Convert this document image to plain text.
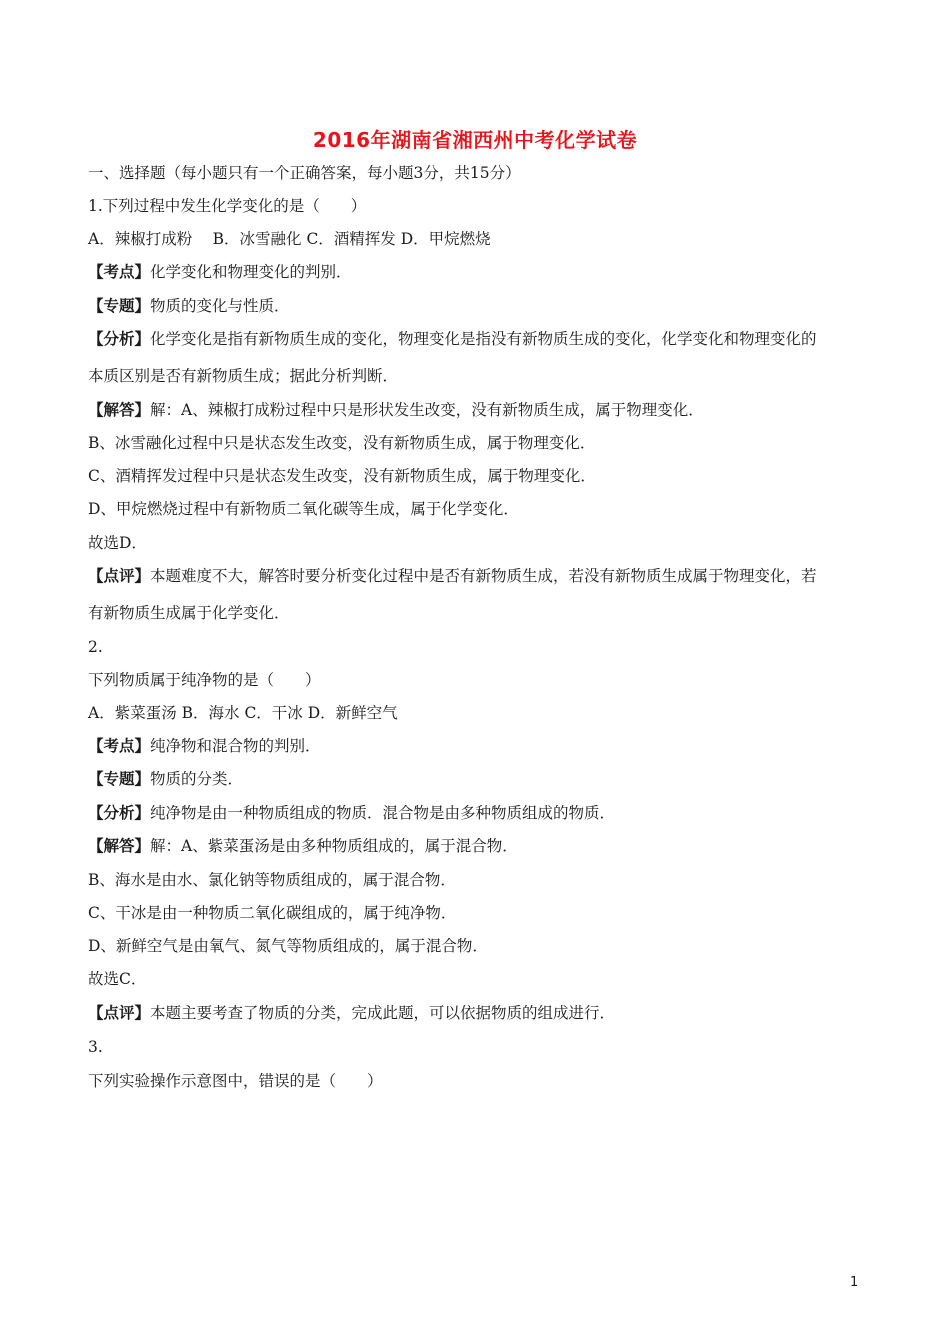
2016年湖南省湘西州中考化学试卷
一、选择题（每小题只有一个正确答案，每小题3分，共15分）
1.下列过程中发生化学变化的是（　　）
A．辣椒打成粉　 B．冰雪融化 C．酒精挥发 D．甲烷燃烧
【考点】化学变化和物理变化的判别．
【专题】物质的变化与性质．
【分析】化学变化是指有新物质生成的变化，物理变化是指没有新物质生成的变化，化学变化和物理变化的
本质区别是否有新物质生成；据此分析判断．
【解答】解：A、辣椒打成粉过程中只是形状发生改变，没有新物质生成，属于物理变化．
B、冰雪融化过程中只是状态发生改变，没有新物质生成，属于物理变化．
C、酒精挥发过程中只是状态发生改变，没有新物质生成，属于物理变化．
D、甲烷燃烧过程中有新物质二氧化碳等生成，属于化学变化．
故选D．
【点评】本题难度不大，解答时要分析变化过程中是否有新物质生成，若没有新物质生成属于物理变化，若
有新物质生成属于化学变化．
2.
下列物质属于纯净物的是（　　）
A．紫菜蛋汤 B．海水 C．干冰 D．新鲜空气
【考点】纯净物和混合物的判别．
【专题】物质的分类．
【分析】纯净物是由一种物质组成的物质．混合物是由多种物质组成的物质．
【解答】解：A、紫菜蛋汤是由多种物质组成的，属于混合物．
B、海水是由水、氯化钠等物质组成的，属于混合物．
C、干冰是由一种物质二氧化碳组成的，属于纯净物．
D、新鲜空气是由氧气、氮气等物质组成的，属于混合物．
故选C．
【点评】本题主要考查了物质的分类，完成此题，可以依据物质的组成进行．
3.
下列实验操作示意图中，错误的是（　　）
1
